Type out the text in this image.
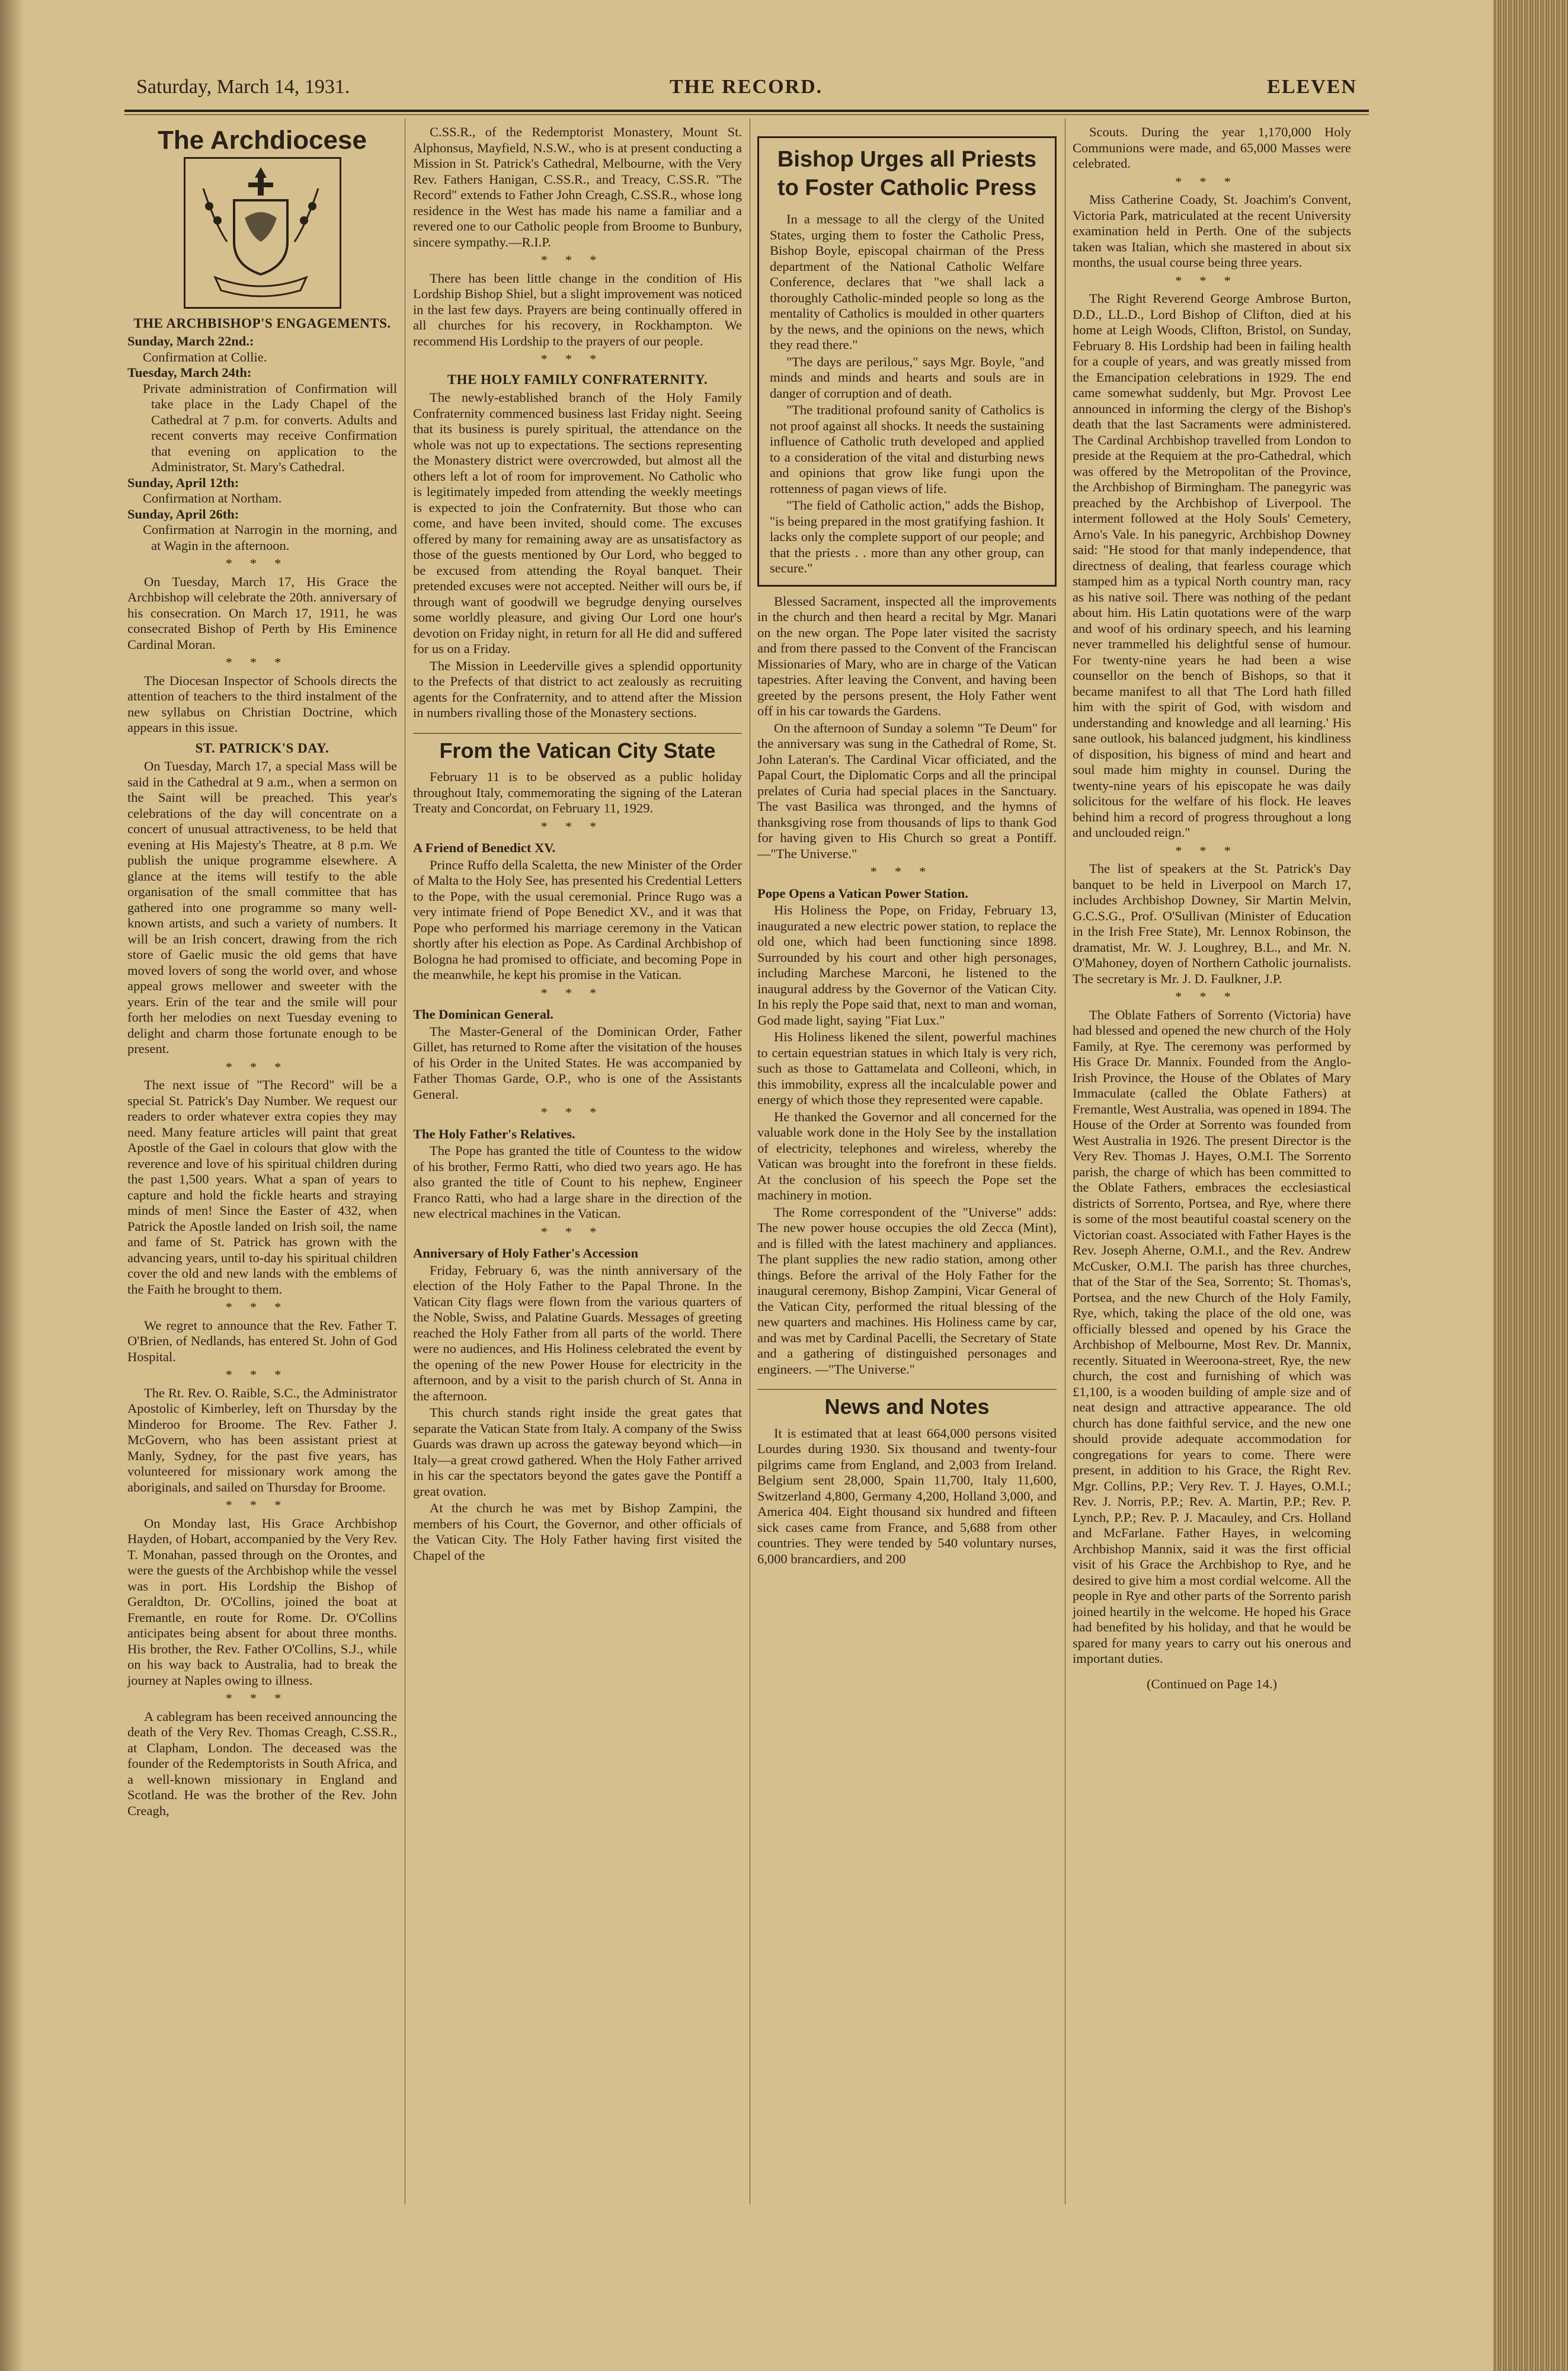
Saturday, March 14, 1931.	THE RECORD.	ELEVEN
The Archdiocese
THE ARCHBISHOP'S ENGAGEMENTS.
Sunday, March 22nd.:
Confirmation at Collie.
Tuesday, March 24th:
Private administration of Confirmation will take place in the Lady Chapel of the Cathedral at 7 p.m. for converts. Adults and recent converts may receive Confirmation that evening on application to the Administrator, St. Mary's Cathedral.
Sunday, April 12th:
Confirmation at Northam.
Sunday, April 26th:
Confirmation at Narrogin in the morning, and at Wagin in the afternoon.
***

On Tuesday, March 17, His Grace the Archbishop will celebrate the 20th. anniversary of his consecration. On March 17, 1911, he was consecrated Bishop of Perth by His Eminence Cardinal Moran.

***

The Diocesan Inspector of Schools directs the attention of teachers to the third instalment of the new syllabus on Christian Doctrine, which appears in this issue.

ST. PATRICK'S DAY.

On Tuesday, March 17, a special Mass will be said in the Cathedral at 9 a.m., when a sermon on the Saint will be preached. This year's celebrations of the day will concentrate on a concert of unusual attractiveness, to be held that evening at His Majesty's Theatre, at 8 p.m. We publish the unique programme elsewhere. A glance at the items will testify to the able organisation of the small committee that has gathered into one programme so many well-known artists, and such a variety of numbers. It will be an Irish concert, drawing from the rich store of Gaelic music the old gems that have moved lovers of song the world over, and whose appeal grows mellower and sweeter with the years. Erin of the tear and the smile will pour forth her melodies on next Tuesday evening to delight and charm those fortunate enough to be present.

***

The next issue of "The Record" will be a special St. Patrick's Day Number. We request our readers to order whatever extra copies they may need. Many feature articles will paint that great Apostle of the Gael in colours that glow with the reverence and love of his spiritual children during the past 1,500 years. What a span of years to capture and hold the fickle hearts and straying minds of men! Since the Easter of 432, when Patrick the Apostle landed on Irish soil, the name and fame of St. Patrick has grown with the advancing years, until to-day his spiritual children cover the old and new lands with the emblems of the Faith he brought to them.

***

We regret to announce that the Rev. Father T. O'Brien, of Nedlands, has entered St. John of God Hospital.

***

The Rt. Rev. O. Raible, S.C., the Administrator Apostolic of Kimberley, left on Thursday by the Minderoo for Broome. The Rev. Father J. McGovern, who has been assistant priest at Manly, Sydney, for the past five years, has volunteered for missionary work among the aboriginals, and sailed on Thursday for Broome.

***

On Monday last, His Grace Archbishop Hayden, of Hobart, accompanied by the Very Rev. T. Monahan, passed through on the Orontes, and were the guests of the Archbishop while the vessel was in port. His Lordship the Bishop of Geraldton, Dr. O'Collins, joined the boat at Fremantle, en route for Rome. Dr. O'Collins anticipates being absent for about three months. His brother, the Rev. Father O'Collins, S.J., while on his way back to Australia, had to break the journey at Naples owing to illness.

***

A cablegram has been received announcing the death of the Very Rev. Thomas Creagh, C.SS.R., at Clapham, London. The deceased was the founder of the Redemptorists in South Africa, and a well-known missionary in England and Scotland. He was the brother of the Rev. John Creagh,

C.SS.R., of the Redemptorist Monastery, Mount St. Alphonsus, Mayfield, N.S.W., who is at present conducting a Mission in St. Patrick's Cathedral, Melbourne, with the Very Rev. Fathers Hanigan, C.SS.R., and Treacy, C.SS.R. "The Record" extends to Father John Creagh, C.SS.R., whose long residence in the West has made his name a familiar and a revered one to our Catholic people from Broome to Bunbury, sincere sympathy.—R.I.P.

***

There has been little change in the condition of His Lordship Bishop Shiel, but a slight improvement was noticed in the last few days. Prayers are being continually offered in all churches for his recovery, in Rockhampton. We recommend His Lordship to the prayers of our people.

***
THE HOLY FAMILY CONFRATERNITY.

The newly-established branch of the Holy Family Confraternity commenced business last Friday night. Seeing that its business is purely spiritual, the attendance on the whole was not up to expectations. The sections representing the Monastery district were overcrowded, but almost all the others left a lot of room for improvement. No Catholic who is legitimately impeded from attending the weekly meetings is expected to join the Confraternity. But those who can come, and have been invited, should come. The excuses offered by many for remaining away are as unsatisfactory as those of the guests mentioned by Our Lord, who begged to be excused from attending the Royal banquet. Their pretended excuses were not accepted. Neither will ours be, if through want of goodwill we begrudge denying ourselves some worldly pleasure, and giving Our Lord one hour's devotion on Friday night, in return for all He did and suffered for us on a Friday.

The Mission in Leederville gives a splendid opportunity to the Prefects of that district to act zealously as recruiting agents for the Confraternity, and to attend after the Mission in numbers rivalling those of the Monastery sections.

From the Vatican City State

February 11 is to be observed as a public holiday throughout Italy, commemorating the signing of the Lateran Treaty and Concordat, on February 11, 1929.

***
A Friend of Benedict XV.

Prince Ruffo della Scaletta, the new Minister of the Order of Malta to the Holy See, has presented his Credential Letters to the Pope, with the usual ceremonial. Prince Rugo was a very intimate friend of Pope Benedict XV., and it was that Pope who performed his marriage ceremony in the Vatican shortly after his election as Pope. As Cardinal Archbishop of Bologna he had promised to officiate, and becoming Pope in the meanwhile, he kept his promise in the Vatican.

***
The Dominican General.

The Master-General of the Dominican Order, Father Gillet, has returned to Rome after the visitation of the houses of his Order in the United States. He was accompanied by Father Thomas Garde, O.P., who is one of the Assistants General.

***
The Holy Father's Relatives.

The Pope has granted the title of Countess to the widow of his brother, Fermo Ratti, who died two years ago. He has also granted the title of Count to his nephew, Engineer Franco Ratti, who had a large share in the direction of the new electrical machines in the Vatican.

***
Anniversary of Holy Father's Accession

Friday, February 6, was the ninth anniversary of the election of the Holy Father to the Papal Throne. In the Vatican City flags were flown from the various quarters of the Noble, Swiss, and Palatine Guards. Messages of greeting reached the Holy Father from all parts of the world. There were no audiences, and His Holiness celebrated the event by the opening of the new Power House for electricity in the afternoon, and by a visit to the parish church of St. Anna in the afternoon.

This church stands right inside the great gates that separate the Vatican State from Italy. A company of the Swiss Guards was drawn up across the gateway beyond which—in Italy—a great crowd gathered. When the Holy Father arrived in his car the spectators beyond the gates gave the Pontiff a great ovation.

At the church he was met by Bishop Zampini, the members of his Court, the Governor, and other officials of the Vatican City. The Holy Father having first visited the Chapel of the

Bishop Urges all Priests to Foster Catholic Press

In a message to all the clergy of the United States, urging them to foster the Catholic Press, Bishop Boyle, episcopal chairman of the Press department of the National Catholic Welfare Conference, declares that "we shall lack a thoroughly Catholic-minded people so long as the mentality of Catholics is moulded in other quarters by the news, and the opinions on the news, which they read there."

"The days are perilous," says Mgr. Boyle, "and minds and minds and hearts and souls are in danger of corruption and of death.

"The traditional profound sanity of Catholics is not proof against all shocks. It needs the sustaining influence of Catholic truth developed and applied to a consideration of the vital and disturbing news and opinions that grow like fungi upon the rottenness of pagan views of life.

"The field of Catholic action," adds the Bishop, "is being prepared in the most gratifying fashion. It lacks only the complete support of our people; and that the priests . . more than any other group, can secure."

Blessed Sacrament, inspected all the improvements in the church and then heard a recital by Mgr. Manari on the new organ. The Pope later visited the sacristy and from there passed to the Convent of the Franciscan Missionaries of Mary, who are in charge of the Vatican tapestries. After leaving the Convent, and having been greeted by the persons present, the Holy Father went off in his car towards the Gardens.

On the afternoon of Sunday a solemn "Te Deum" for the anniversary was sung in the Cathedral of Rome, St. John Lateran's. The Cardinal Vicar officiated, and the Papal Court, the Diplomatic Corps and all the principal prelates of Curia had special places in the Sanctuary. The vast Basilica was thronged, and the hymns of thanksgiving rose from thousands of lips to thank God for having given to His Church so great a Pontiff.—"The Universe."

***
Pope Opens a Vatican Power Station.

His Holiness the Pope, on Friday, February 13, inaugurated a new electric power station, to replace the old one, which had been functioning since 1898. Surrounded by his court and other high personages, including Marchese Marconi, he listened to the inaugural address by the Governor of the Vatican City. In his reply the Pope said that, next to man and woman, God made light, saying "Fiat Lux."

His Holiness likened the silent, powerful machines to certain equestrian statues in which Italy is very rich, such as those to Gattamelata and Colleoni, which, in this immobility, express all the incalculable power and energy of which those they represented were capable.

He thanked the Governor and all concerned for the valuable work done in the Holy See by the installation of electricity, telephones and wireless, whereby the Vatican was brought into the forefront in these fields. At the conclusion of his speech the Pope set the machinery in motion.

The Rome correspondent of the "Universe" adds: The new power house occupies the old Zecca (Mint), and is filled with the latest machinery and appliances. The plant supplies the new radio station, among other things. Before the arrival of the Holy Father for the inaugural ceremony, Bishop Zampini, Vicar General of the Vatican City, performed the ritual blessing of the new quarters and machines. His Holiness came by car, and was met by Cardinal Pacelli, the Secretary of State and a gathering of distinguished personages and engineers. —"The Universe."

News and Notes

It is estimated that at least 664,000 persons visited Lourdes during 1930. Six thousand and twenty-four pilgrims came from England, and 2,003 from Ireland. Belgium sent 28,000, Spain 11,700, Italy 11,600, Switzerland 4,800, Germany 4,200, Holland 3,000, and America 404. Eight thousand six hundred and fifteen sick cases came from France, and 5,688 from other countries. They were tended by 540 voluntary nurses, 6,000 brancardiers, and 200

Scouts. During the year 1,170,000 Holy Communions were made, and 65,000 Masses were celebrated.

***

Miss Catherine Coady, St. Joachim's Convent, Victoria Park, matriculated at the recent University examination held in Perth. One of the subjects taken was Italian, which she mastered in about six months, the usual course being three years.

***

The Right Reverend George Ambrose Burton, D.D., LL.D., Lord Bishop of Clifton, died at his home at Leigh Woods, Clifton, Bristol, on Sunday, February 8. His Lordship had been in failing health for a couple of years, and was greatly missed from the Emancipation celebrations in 1929. The end came somewhat suddenly, but Mgr. Provost Lee announced in informing the clergy of the Bishop's death that the last Sacraments were administered. The Cardinal Archbishop travelled from London to preside at the Requiem at the pro-Cathedral, which was offered by the Metropolitan of the Province, the Archbishop of Birmingham. The panegyric was preached by the Archbishop of Liverpool. The interment followed at the Holy Souls' Cemetery, Arno's Vale. In his panegyric, Archbishop Downey said: "He stood for that manly independence, that directness of dealing, that fearless courage which stamped him as a typical North country man, racy as his native soil. There was nothing of the pedant about him. His Latin quotations were of the warp and woof of his ordinary speech, and his learning never trammelled his delightful sense of humour. For twenty-nine years he had been a wise counsellor on the bench of Bishops, so that it became manifest to all that 'The Lord hath filled him with the spirit of God, with wisdom and understanding and knowledge and all learning.' His sane outlook, his balanced judgment, his kindliness of disposition, his bigness of mind and heart and soul made him mighty in counsel. During the twenty-nine years of his episcopate he was daily solicitous for the welfare of his flock. He leaves behind him a record of progress throughout a long and unclouded reign."

***

The list of speakers at the St. Patrick's Day banquet to be held in Liverpool on March 17, includes Archbishop Downey, Sir Martin Melvin, G.C.S.G., Prof. O'Sullivan (Minister of Education in the Irish Free State), Mr. Lennox Robinson, the dramatist, Mr. W. J. Loughrey, B.L., and Mr. N. O'Mahoney, doyen of Northern Catholic journalists. The secretary is Mr. J. D. Faulkner, J.P.

***

The Oblate Fathers of Sorrento (Victoria) have had blessed and opened the new church of the Holy Family, at Rye. The ceremony was performed by His Grace Dr. Mannix. Founded from the Anglo-Irish Province, the House of the Oblates of Mary Immaculate (called the Oblate Fathers) at Fremantle, West Australia, was opened in 1894. The House of the Order at Sorrento was founded from West Australia in 1926. The present Director is the Very Rev. Thomas J. Hayes, O.M.I. The Sorrento parish, the charge of which has been committed to the Oblate Fathers, embraces the ecclesiastical districts of Sorrento, Portsea, and Rye, where there is some of the most beautiful coastal scenery on the Victorian coast. Associated with Father Hayes is the Rev. Joseph Aherne, O.M.I., and the Rev. Andrew McCusker, O.M.I. The parish has three churches, that of the Star of the Sea, Sorrento; St. Thomas's, Portsea, and the new Church of the Holy Family, Rye, which, taking the place of the old one, was officially blessed and opened by his Grace the Archbishop of Melbourne, Most Rev. Dr. Mannix, recently. Situated in Weeroona-street, Rye, the new church, the cost and furnishing of which was £1,100, is a wooden building of ample size and of neat design and attractive appearance. The old church has done faithful service, and the new one should provide adequate accommodation for congregations for years to come. There were present, in addition to his Grace, the Right Rev. Mgr. Collins, P.P.; Very Rev. T. J. Hayes, O.M.I.; Rev. J. Norris, P.P.; Rev. A. Martin, P.P.; Rev. P. Lynch, P.P.; Rev. P. J. Macauley, and Crs. Holland and McFarlane. Father Hayes, in welcoming Archbishop Mannix, said it was the first official visit of his Grace the Archbishop to Rye, and he desired to give him a most cordial welcome. All the people in Rye and other parts of the Sorrento parish joined heartily in the welcome. He hoped his Grace had benefited by his holiday, and that he would be spared for many years to carry out his onerous and important duties.

(Continued on Page 14.)
